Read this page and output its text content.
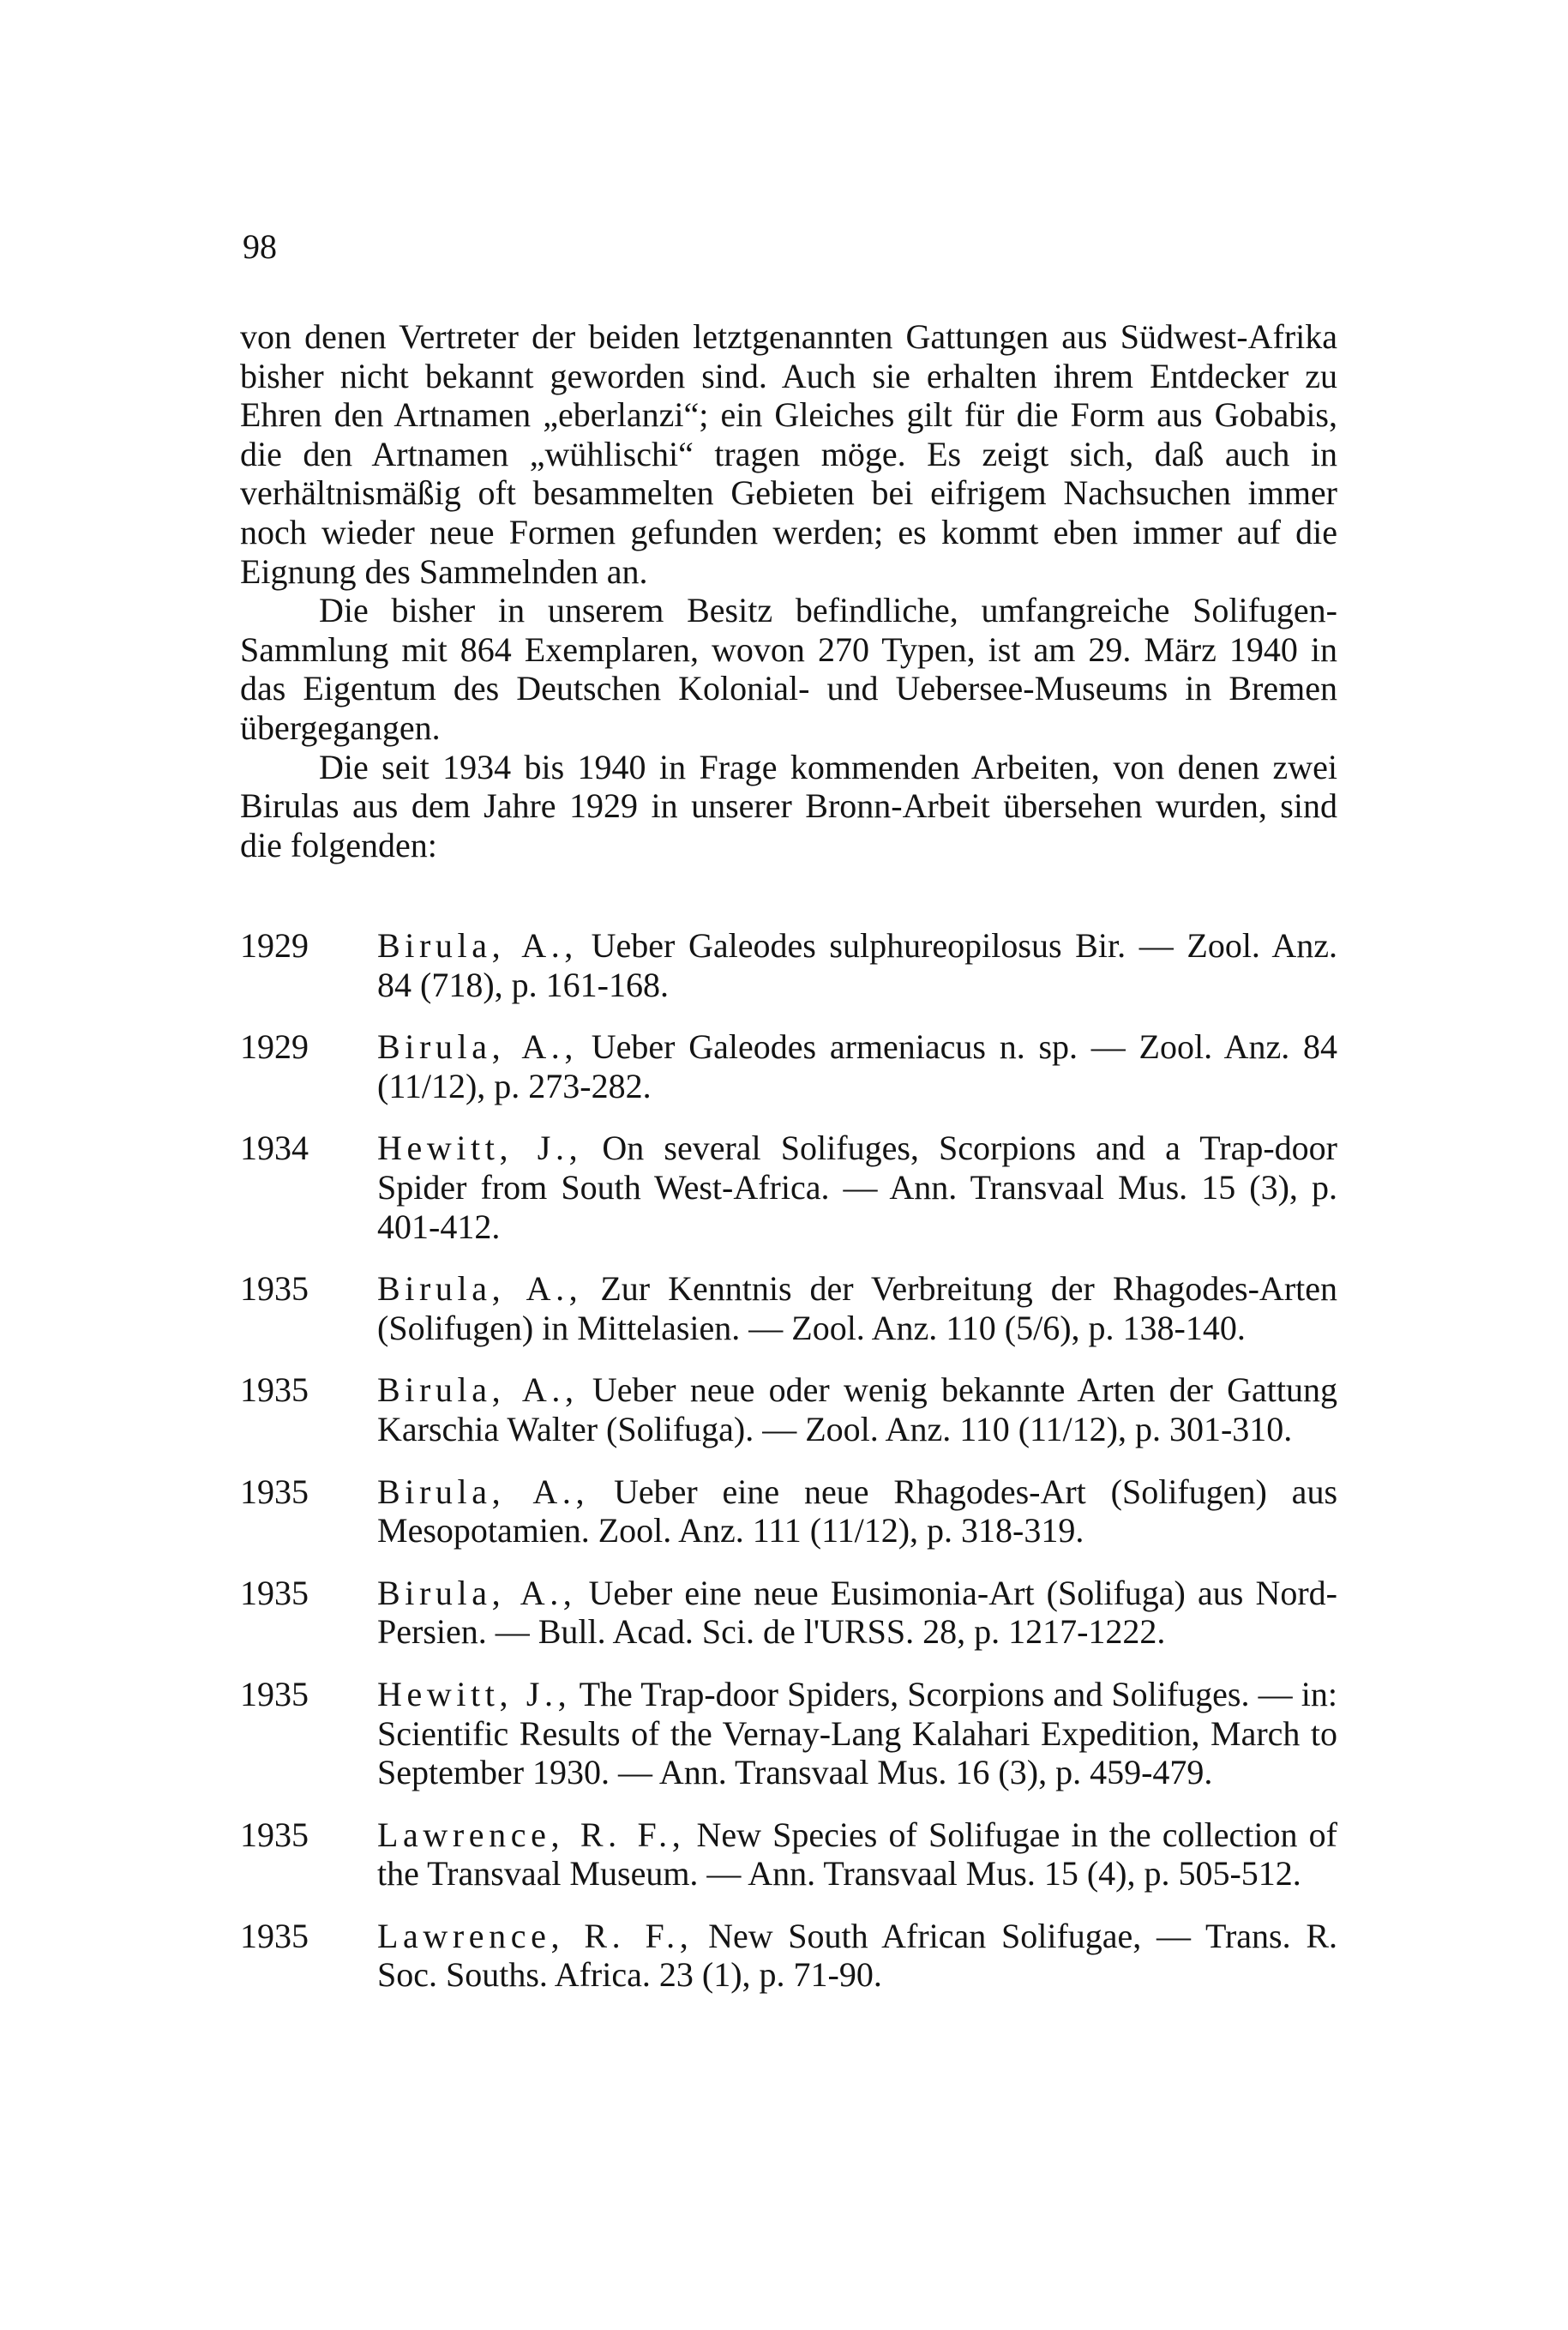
98

von denen Vertreter der beiden letztgenannten Gattungen aus Südwest-Afrika bisher nicht bekannt geworden sind. Auch sie erhalten ihrem Entdecker zu Ehren den Artnamen „eberlanzi“; ein Gleiches gilt für die Form aus Gobabis, die den Artnamen „wühlischi“ tragen möge. Es zeigt sich, daß auch in verhältnismäßig oft besammelten Gebieten bei eifrigem Nachsuchen immer noch wieder neue Formen gefunden werden; es kommt eben immer auf die Eignung des Sammelnden an.

Die bisher in unserem Besitz befindliche, umfangreiche Solifugen-Sammlung mit 864 Exemplaren, wovon 270 Typen, ist am 29. März 1940 in das Eigentum des Deutschen Kolonial- und Uebersee-Museums in Bremen übergegangen.

Die seit 1934 bis 1940 in Frage kommenden Arbeiten, von denen zwei Birulas aus dem Jahre 1929 in unserer Bronn-Arbeit übersehen wurden, sind die folgenden:

1929 Birula, A., Ueber Galeodes sulphureopilosus Bir. — Zool. Anz. 84 (718), p. 161-168.
1929 Birula, A., Ueber Galeodes armeniacus n. sp. — Zool. Anz. 84 (11/12), p. 273-282.
1934 Hewitt, J., On several Solifuges, Scorpions and a Trap-door Spider from South West-Africa. — Ann. Transvaal Mus. 15 (3), p. 401-412.
1935 Birula, A., Zur Kenntnis der Verbreitung der Rhagodes-Arten (Solifugen) in Mittelasien. — Zool. Anz. 110 (5/6), p. 138-140.
1935 Birula, A., Ueber neue oder wenig bekannte Arten der Gattung Karschia Walter (Solifuga). — Zool. Anz. 110 (11/12), p. 301-310.
1935 Birula, A., Ueber eine neue Rhagodes-Art (Solifugen) aus Mesopotamien. Zool. Anz. 111 (11/12), p. 318-319.
1935 Birula, A., Ueber eine neue Eusimonia-Art (Solifuga) aus Nord-Persien. — Bull. Acad. Sci. de l'URSS. 28, p. 1217-1222.
1935 Hewitt, J., The Trap-door Spiders, Scorpions and Solifuges. — in: Scientific Results of the Vernay-Lang Kalahari Expedition, March to September 1930. — Ann. Transvaal Mus. 16 (3), p. 459-479.
1935 Lawrence, R. F., New Species of Solifugae in the collection of the Transvaal Museum. — Ann. Transvaal Mus. 15 (4), p. 505-512.
1935 Lawrence, R. F., New South African Solifugae, — Trans. R. Soc. Souths. Africa. 23 (1), p. 71-90.
